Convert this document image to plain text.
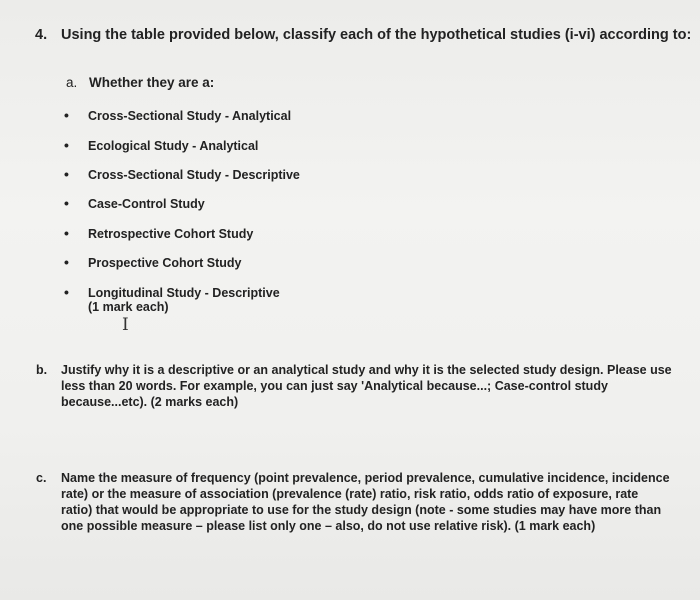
4. Using the table provided below, classify each of the hypothetical studies (i-vi) according to:
a. Whether they are a:
• Cross-Sectional Study - Analytical
• Ecological Study - Analytical
• Cross-Sectional Study - Descriptive
• Case-Control Study
• Retrospective Cohort Study
• Prospective Cohort Study
• Longitudinal Study - Descriptive
(1 mark each)
I
b. Justify why it is a descriptive or an analytical study and why it is the selected study design. Please use
less than 20 words. For example, you can just say 'Analytical because...; Case-control study
because...etc). (2 marks each)
c. Name the measure of frequency (point prevalence, period prevalence, cumulative incidence, incidence
rate) or the measure of association (prevalence (rate) ratio, risk ratio, odds ratio of exposure, rate
ratio) that would be appropriate to use for the study design (note - some studies may have more than
one possible measure – please list only one – also, do not use relative risk). (1 mark each)
